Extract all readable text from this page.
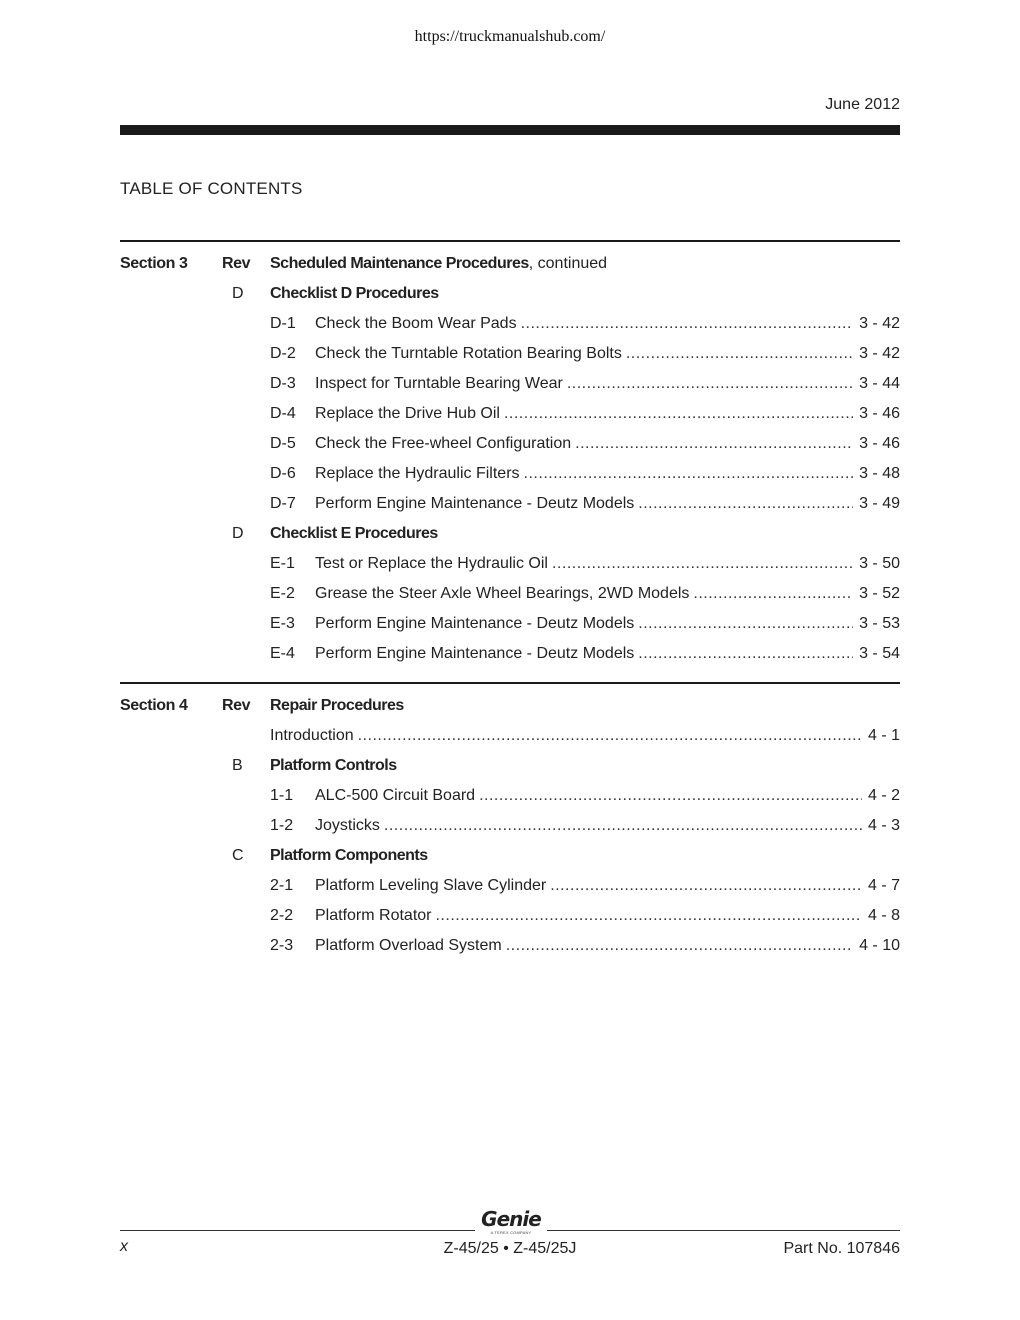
https://truckmanualshub.com/
June 2012
TABLE OF CONTENTS
Section 3 Rev Scheduled Maintenance Procedures, continued
D Checklist D Procedures
D-1 Check the Boom Wear Pads .....	3 - 42
D-2 Check the Turntable Rotation Bearing Bolts .....	3 - 42
D-3 Inspect for Turntable Bearing Wear .....	3 - 44
D-4 Replace the Drive Hub Oil .....	3 - 46
D-5 Check the Free-wheel Configuration .....	3 - 46
D-6 Replace the Hydraulic Filters .....	3 - 48
D-7 Perform Engine Maintenance - Deutz Models .....	3 - 49
D Checklist E Procedures
E-1 Test or Replace the Hydraulic Oil .....	3 - 50
E-2 Grease the Steer Axle Wheel Bearings, 2WD Models .....	3 - 52
E-3 Perform Engine Maintenance - Deutz Models .....	3 - 53
E-4 Perform Engine Maintenance - Deutz Models .....	3 - 54
Section 4 Rev Repair Procedures
Introduction .....	4 - 1
B Platform Controls
1-1 ALC-500 Circuit Board .....	4 - 2
1-2 Joysticks .....	4 - 3
C Platform Components
2-1 Platform Leveling Slave Cylinder .....	4 - 7
2-2 Platform Rotator .....	4 - 8
2-3 Platform Overload System .....	4 - 10
Genie
A TEREX COMPANY
x	Z-45/25 • Z-45/25J	Part No. 107846
